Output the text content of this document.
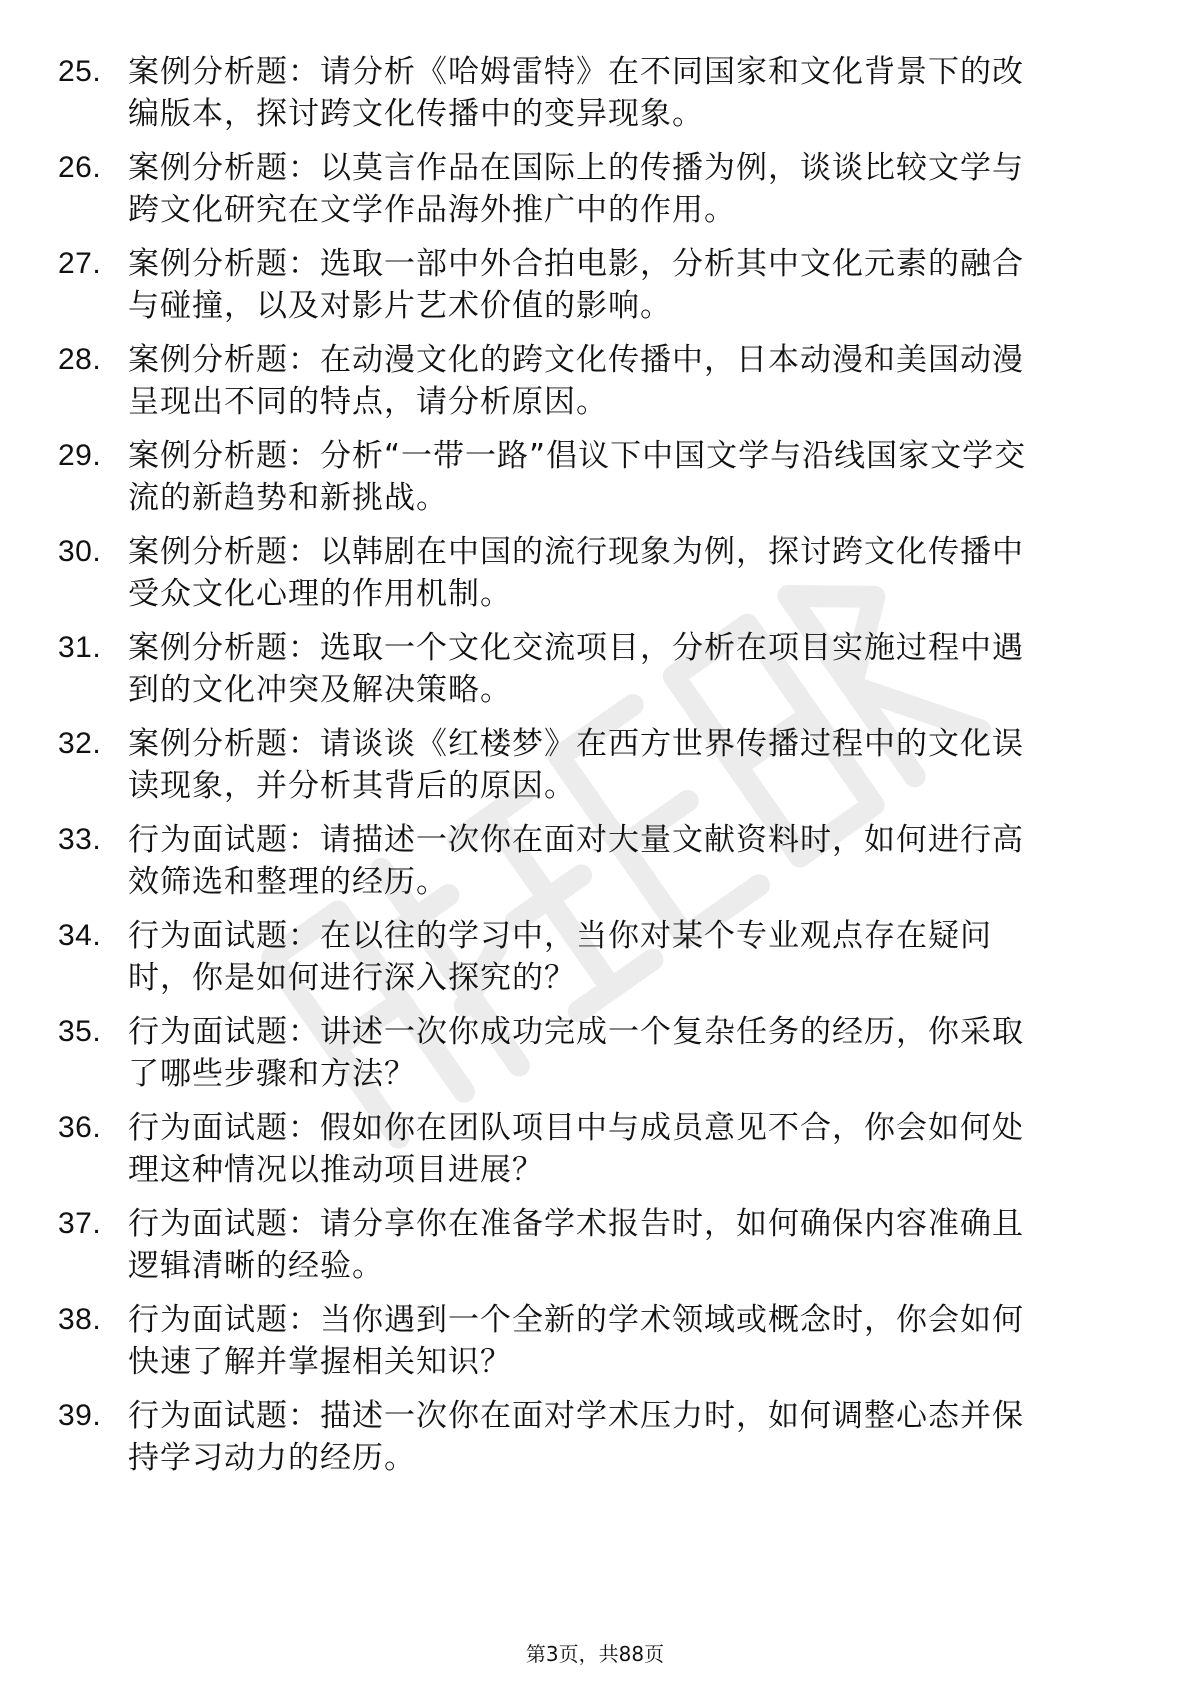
25. 案例分析题：请分析《哈姆雷特》在不同国家和文化背景下的改
编版本，探讨跨文化传播中的变异现象。
26. 案例分析题：以莫言作品在国际上的传播为例，谈谈比较文学与
跨文化研究在文学作品海外推广中的作用。
27. 案例分析题：选取一部中外合拍电影，分析其中文化元素的融合
与碰撞，以及对影片艺术价值的影响。
28. 案例分析题：在动漫文化的跨文化传播中，日本动漫和美国动漫
呈现出不同的特点，请分析原因。
29. 案例分析题：分析“一带一路”倡议下中国文学与沿线国家文学交
流的新趋势和新挑战。
30. 案例分析题：以韩剧在中国的流行现象为例，探讨跨文化传播中
受众文化心理的作用机制。
31. 案例分析题：选取一个文化交流项目，分析在项目实施过程中遇
到的文化冲突及解决策略。
32. 案例分析题：请谈谈《红楼梦》在西方世界传播过程中的文化误
读现象，并分析其背后的原因。
33. 行为面试题：请描述一次你在面对大量文献资料时，如何进行高
效筛选和整理的经历。
34. 行为面试题：在以往的学习中，当你对某个专业观点存在疑问
时，你是如何进行深入探究的？
35. 行为面试题：讲述一次你成功完成一个复杂任务的经历，你采取
了哪些步骤和方法？
36. 行为面试题：假如你在团队项目中与成员意见不合，你会如何处
理这种情况以推动项目进展？
37. 行为面试题：请分享你在准备学术报告时，如何确保内容准确且
逻辑清晰的经验。
38. 行为面试题：当你遇到一个全新的学术领域或概念时，你会如何
快速了解并掌握相关知识？
39. 行为面试题：描述一次你在面对学术压力时，如何调整心态并保
持学习动力的经历。
第3页，共88页
